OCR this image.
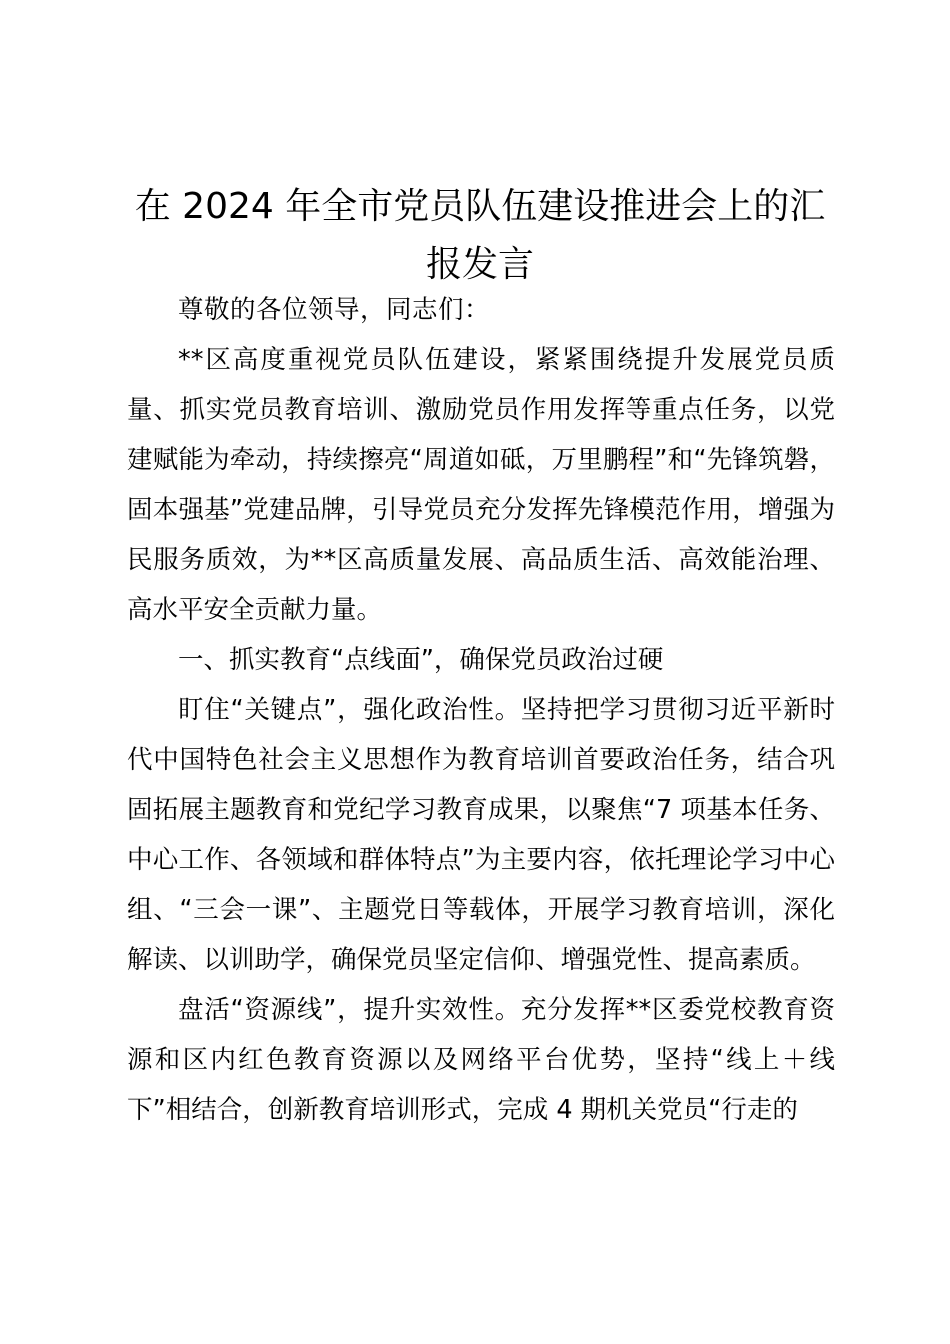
在 2024 年全市党员队伍建设推进会上的汇报发言

尊敬的各位领导，同志们：

**区高度重视党员队伍建设，紧紧围绕提升发展党员质量、抓实党员教育培训、激励党员作用发挥等重点任务，以党建赋能为牵动，持续擦亮“周道如砥，万里鹏程”和“先锋筑磐，固本强基”党建品牌，引导党员充分发挥先锋模范作用，增强为民服务质效，为**区高质量发展、高品质生活、高效能治理、高水平安全贡献力量。

一、抓实教育“点线面”，确保党员政治过硬

盯住“关键点”，强化政治性。坚持把学习贯彻习近平新时代中国特色社会主义思想作为教育培训首要政治任务，结合巩固拓展主题教育和党纪学习教育成果，以聚焦“7 项基本任务、中心工作、各领域和群体特点”为主要内容，依托理论学习中心组、“三会一课”、主题党日等载体，开展学习教育培训，深化解读、以训助学，确保党员坚定信仰、增强党性、提高素质。

盘活“资源线”，提升实效性。充分发挥**区委党校教育资源和区内红色教育资源以及网络平台优势，坚持“线上＋线下”相结合，创新教育培训形式，完成 4 期机关党员“行走的
